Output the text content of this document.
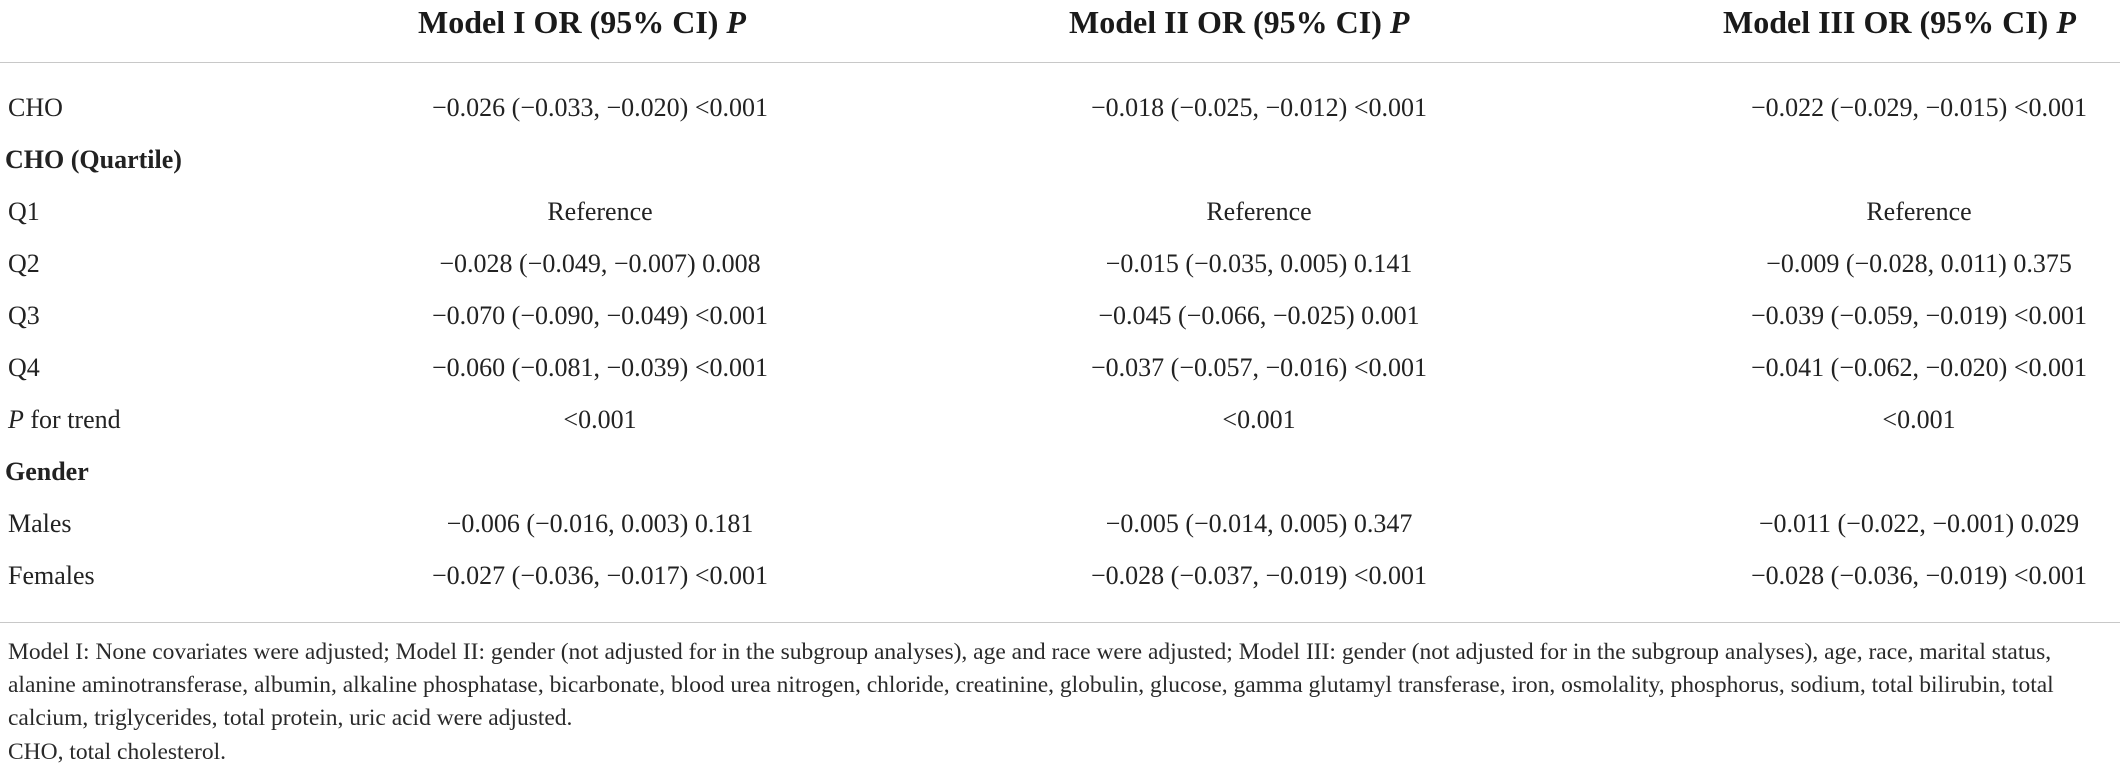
Model I OR (95% CI) P	Model II OR (95% CI) P	Model III OR (95% CI) P
CHO	−0.026 (−0.033, −0.020) <0.001	−0.018 (−0.025, −0.012) <0.001	−0.022 (−0.029, −0.015) <0.001
CHO (Quartile)
Q1	Reference	Reference	Reference
Q2	−0.028 (−0.049, −0.007) 0.008	−0.015 (−0.035, 0.005) 0.141	−0.009 (−0.028, 0.011) 0.375
Q3	−0.070 (−0.090, −0.049) <0.001	−0.045 (−0.066, −0.025) 0.001	−0.039 (−0.059, −0.019) <0.001
Q4	−0.060 (−0.081, −0.039) <0.001	−0.037 (−0.057, −0.016) <0.001	−0.041 (−0.062, −0.020) <0.001
P for trend	<0.001	<0.001	<0.001
Gender
Males	−0.006 (−0.016, 0.003) 0.181	−0.005 (−0.014, 0.005) 0.347	−0.011 (−0.022, −0.001) 0.029
Females	−0.027 (−0.036, −0.017) <0.001	−0.028 (−0.037, −0.019) <0.001	−0.028 (−0.036, −0.019) <0.001
Model I: None covariates were adjusted; Model II: gender (not adjusted for in the subgroup analyses), age and race were adjusted; Model III: gender (not adjusted for in the subgroup analyses), age, race, marital status, alanine aminotransferase, albumin, alkaline phosphatase, bicarbonate, blood urea nitrogen, chloride, creatinine, globulin, glucose, gamma glutamyl transferase, iron, osmolality, phosphorus, sodium, total bilirubin, total calcium, triglycerides, total protein, uric acid were adjusted.
CHO, total cholesterol.
